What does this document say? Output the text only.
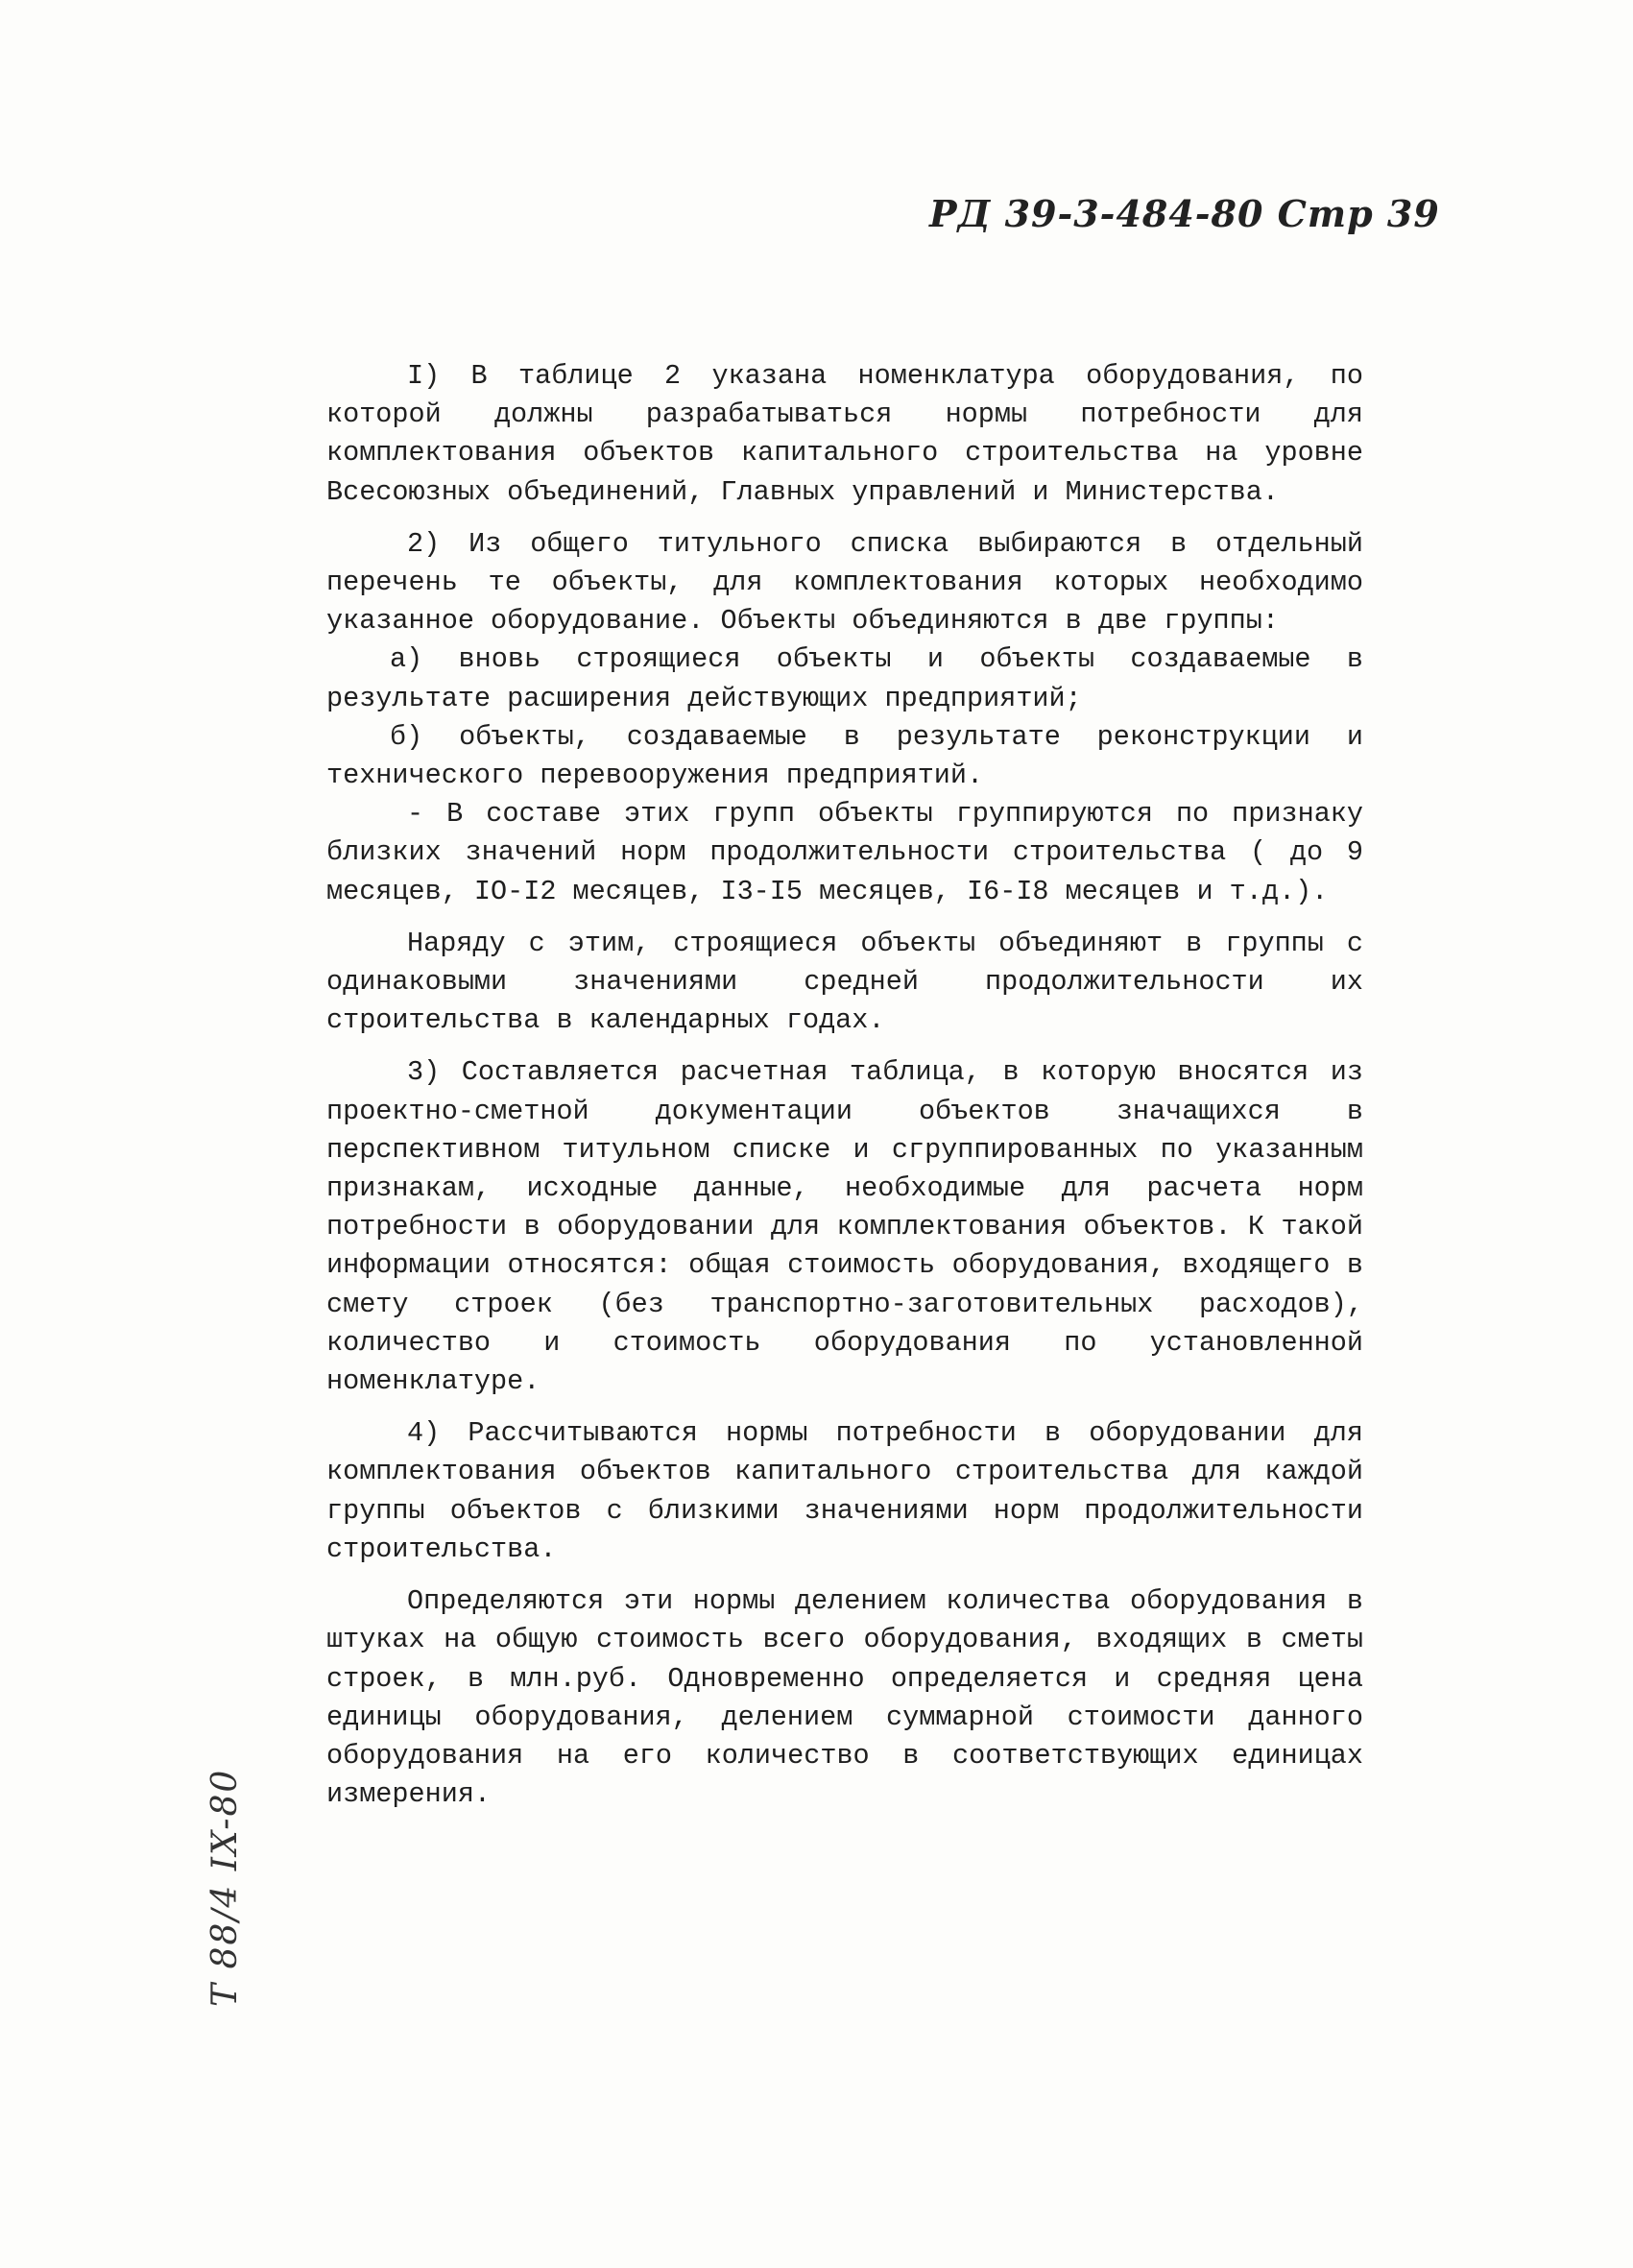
РД 39-3-484-80 Стр 39

I) В таблице 2 указана номенклатура оборудования, по которой должны разрабатываться нормы потребности для комплектования объектов капитального строительства на уровне Всесоюзных объединений, Главных управлений и Министерства.

2) Из общего титульного списка выбираются в отдельный перечень те объекты, для комплектования которых необходимо указанное оборудование. Объекты объединяются в две группы:

а) вновь строящиеся объекты и объекты создаваемые в результате расширения действующих предприятий;

б) объекты, создаваемые в результате реконструкции и технического перевооружения предприятий.

- В составе этих групп объекты группируются по признаку близких значений норм продолжительности строительства ( до 9 месяцев, IO-I2 месяцев, I3-I5 месяцев, I6-I8 месяцев и т.д.).

Наряду с этим, строящиеся объекты объединяют в группы с одинаковыми значениями средней продолжительности их строительства в календарных годах.

3) Составляется расчетная таблица, в которую вносятся из проектно-сметной документации объектов значащихся в перспективном титульном списке и сгруппированных по указанным признакам, исходные данные, необходимые для расчета норм потребности в оборудовании для комплектования объектов. К такой информации относятся: общая стоимость оборудования, входящего в смету строек (без транспортно-заготовительных расходов), количество и стоимость оборудования по установленной номенклатуре.

4) Рассчитываются нормы потребности в оборудовании для комплектования объектов капитального строительства для каждой группы объектов с близкими значениями норм продолжительности строительства.

Определяются эти нормы делением количества оборудования в штуках на общую стоимость всего оборудования, входящих в сметы строек, в млн.руб. Одновременно определяется и средняя цена единицы оборудования, делением суммарной стоимости данного оборудования на его количество в соответствующих единицах измерения.

Т 88/4 IX-80
